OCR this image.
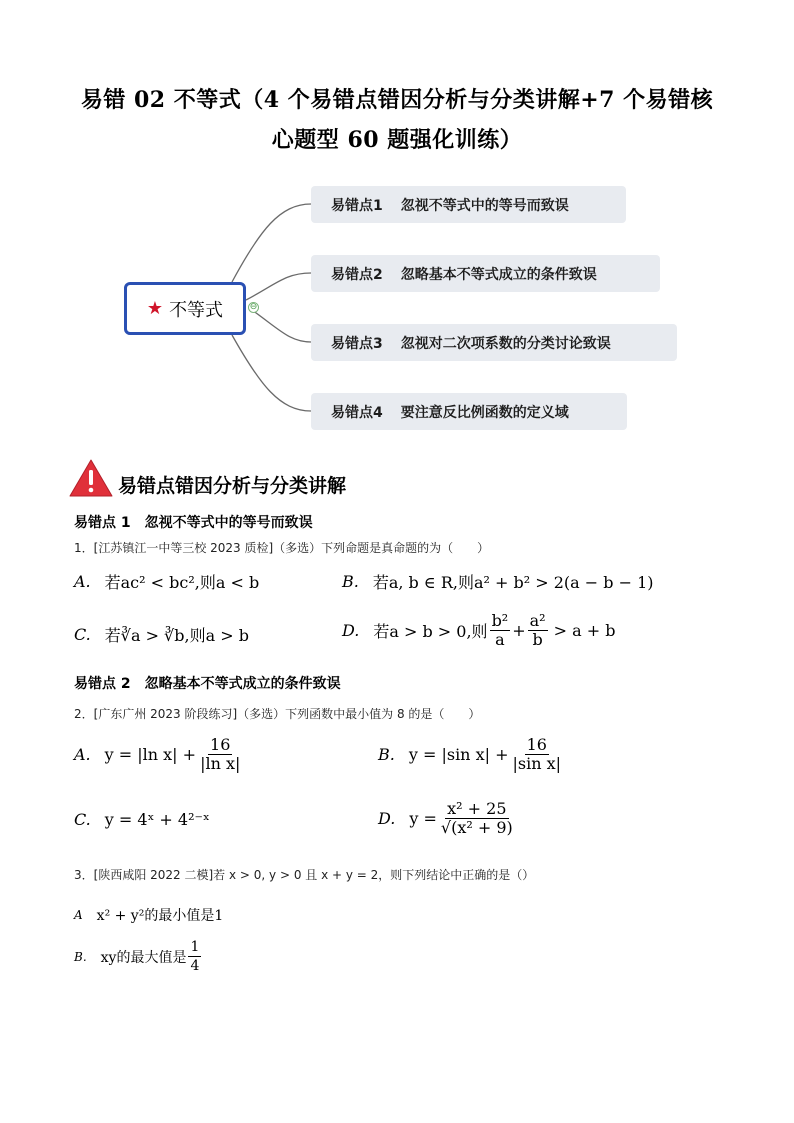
易错 02 不等式（4 个易错点错因分析与分类讲解+7 个易错核
心题型 60 题强化训练）
★ 不等式	⊖
易错点1 忽视不等式中的等号而致误
易错点2 忽略基本不等式成立的条件致误
易错点3 忽视对二次项系数的分类讨论致误
易错点4 要注意反比例函数的定义域
易错点错因分析与分类讲解
易错点 1　忽视不等式中的等号而致误
1．[江苏镇江一中等三校 2023 质检]（多选）下列命题是真命题的为（　　）
A. 若ac² < bc²,则a < b	B. 若a, b ∈ R,则a² + b² > 2(a − b − 1)
C. 若∛a > ∛b,则a > b	D. 若a > b > 0,则 $\frac{\text{b²}}{a} + \frac{\text{a²}}{b} > a + b$
易错点 2　忽略基本不等式成立的条件致误
2．[广东广州 2023 阶段练习]（多选）下列函数中最小值为 8 的是（　　）
A. y = |ln $x| + \frac{16}{\text{|ln x|}}$	B. y = |sin $x| + \frac{16}{\text{|sin x|}}$
C. y = 4ˣ + 4²⁻ˣ	D. $y = \frac{\text{x² + 25}}{\text{√(x² + 9)}}$
3．[陕西咸阳 2022 二模]若 x > 0, y > 0 且 x + y = 2，则下列结论中正确的是（）
A x² + y²的最小值是1
B. xy的最大值是 $\frac{1}{4}$
